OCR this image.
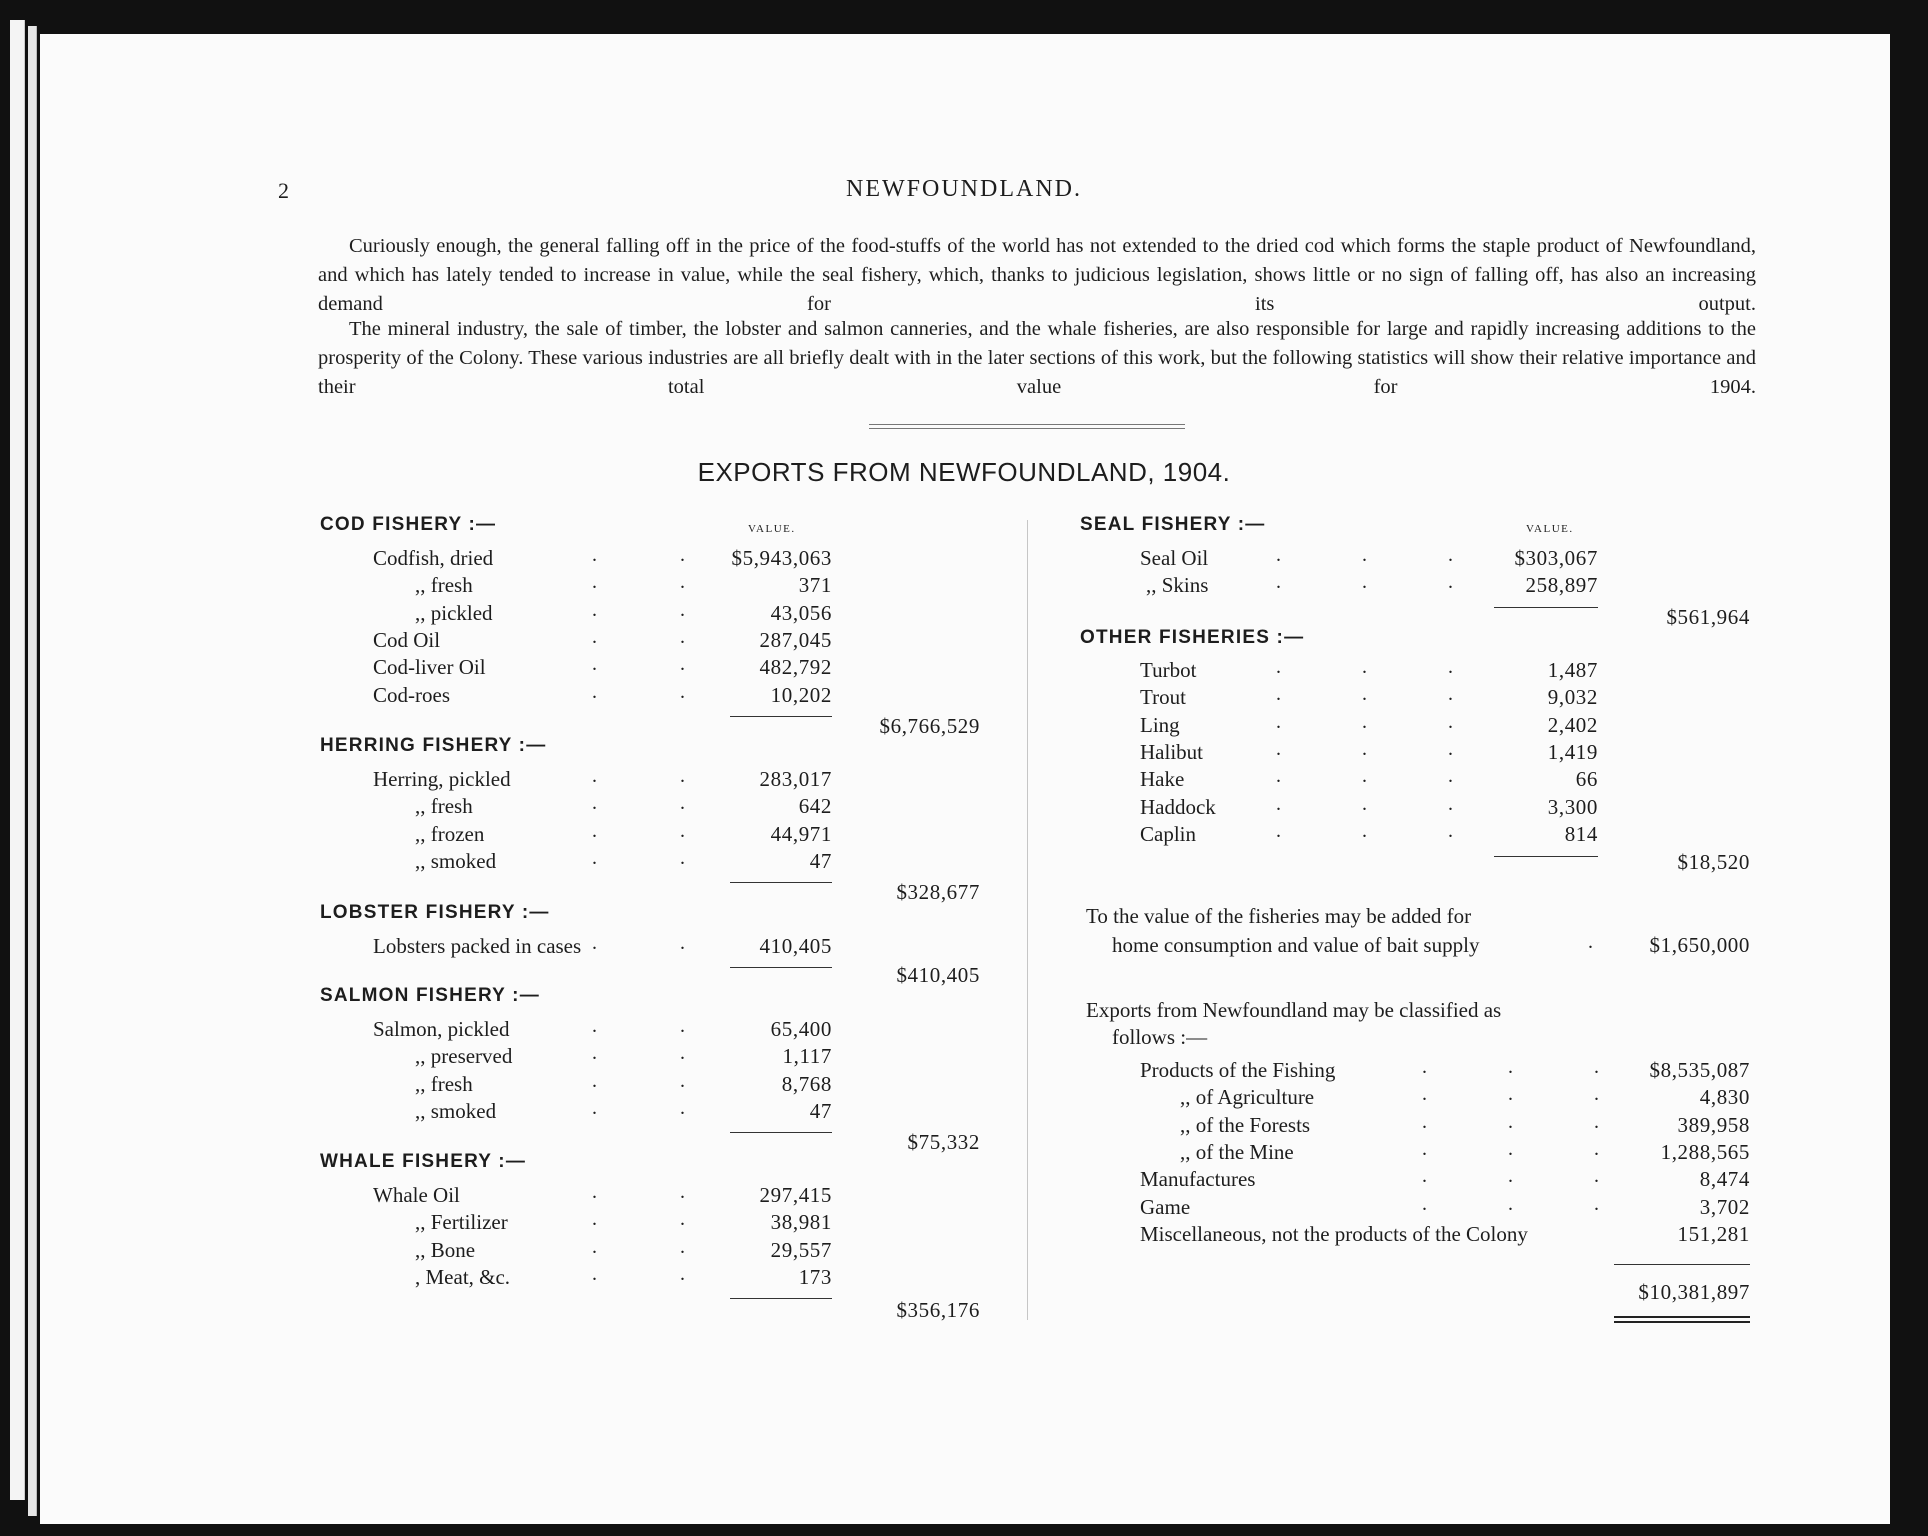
2	NEWFOUNDLAND.
Curiously enough, the general falling off in the price of the food-stuffs of the world has not extended to the dried cod which forms the staple product of Newfoundland, and which has lately tended to increase in value, while the seal fishery, which, thanks to judicious legislation, shows little or no sign of falling off, has also an increasing demand for its output.
The mineral industry, the sale of timber, the lobster and salmon canneries, and the whale fisheries, are also responsible for large and rapidly increasing additions to the prosperity of the Colony. These various industries are all briefly dealt with in the later sections of this work, but the following statistics will show their relative importance and their total value for 1904.
EXPORTS FROM NEWFOUNDLAND, 1904.
VALUE.
COD FISHERY :—
Codfish, dried	.	.	$5,943,063
,, fresh	.	.	371
,, pickled	.	.	43,056
Cod Oil	.	.	287,045
Cod-liver Oil	.	.	482,792
Cod-roes	.	.	10,202
$6,766,529
HERRING FISHERY :—
Herring, pickled	.	.	283,017
,, fresh	.	.	642
,, frozen	.	.	44,971
,, smoked	.	.	47
$328,677
LOBSTER FISHERY :—
Lobsters packed in cases .	.	410,405
$410,405
SALMON FISHERY :—
Salmon, pickled	.	.	65,400
,, preserved	.	.	1,117
,, fresh	.	.	8,768
,, smoked	.	.	47
$75,332
WHALE FISHERY :—
Whale Oil	.	.	297,415
,, Fertilizer	.	.	38,981
,, Bone	.	.	29,557
, Meat, &c.	.	.	173
$356,176
VALUE.
SEAL FISHERY :—
Seal Oil	.	.	.	$303,067
,, Skins	.	.	.	258,897
$561,964
OTHER FISHERIES :—
Turbot	.	.	.	1,487
Trout	.	.	.	9,032
Ling	.	.	.	2,402
Halibut	.	.	.	1,419
Hake	.	.	.	66
Haddock	.	.	.	3,300
Caplin	.	.	.	814
$18,520
To the value of the fisheries may be added for
home consumption and value of bait supply	.	$1,650,000
Exports from Newfoundland may be classified as
follows :—
Products of the Fishing	.	.	.	$8,535,087
,, of Agriculture	.	.	.	4,830
,, of the Forests	.	.	.	389,958
,, of the Mine	.	.	.	1,288,565
Manufactures	.	.	.	8,474
Game	.	.	.	3,702
Miscellaneous, not the products of the Colony	151,281
$10,381,897
